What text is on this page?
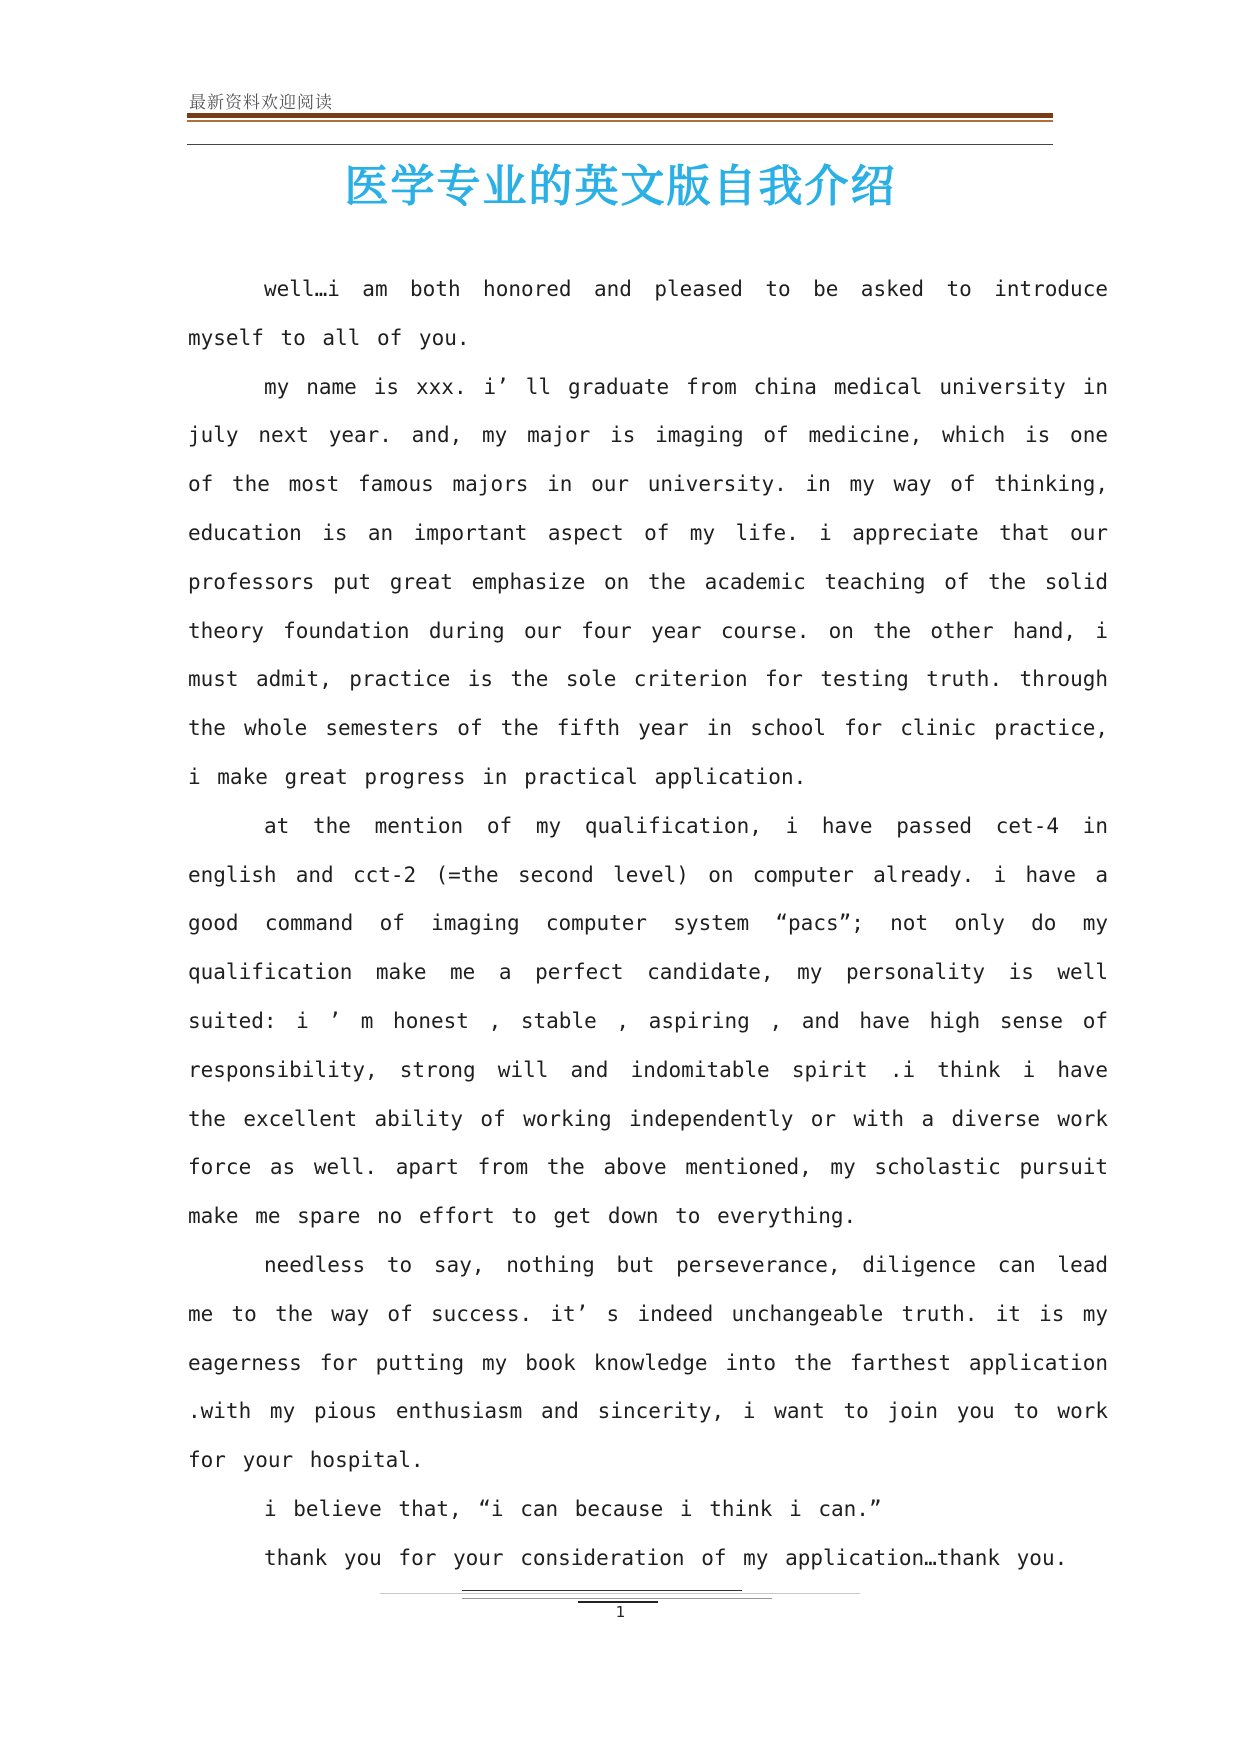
最新资料欢迎阅读
医学专业的英文版自我介绍

well…i am both honored and pleased to be asked to introduce myself to all of you.

my name is xxx. i’ ll graduate from china medical university in july next year. and, my major is imaging of medicine, which is one of the most famous majors in our university. in my way of thinking, education is an important aspect of my life. i appreciate that our professors put great emphasize on the academic teaching of the solid theory foundation during our four year course. on the other hand, i must admit, practice is the sole criterion for testing truth. through the whole semesters of the fifth year in school for clinic practice, i make great progress in practical application.

at the mention of my qualification, i have passed cet-4 in english and cct-2 (=the second level) on computer already. i have a good command of imaging computer system “pacs”; not only do my qualification make me a perfect candidate, my personality is well suited: i ’ m honest , stable , aspiring , and have high sense of responsibility, strong will and indomitable spirit .i think i have the excellent ability of working independently or with a diverse work force as well. apart from the above mentioned, my scholastic pursuit make me spare no effort to get down to everything.

needless to say, nothing but perseverance, diligence can lead me to the way of success. it’ s indeed unchangeable truth. it is my eagerness for putting my book knowledge into the farthest application .with my pious enthusiasm and sincerity, i want to join you to work for your hospital.

i believe that, “i can because i think i can.”

thank you for your consideration of my application…thank you.

1
